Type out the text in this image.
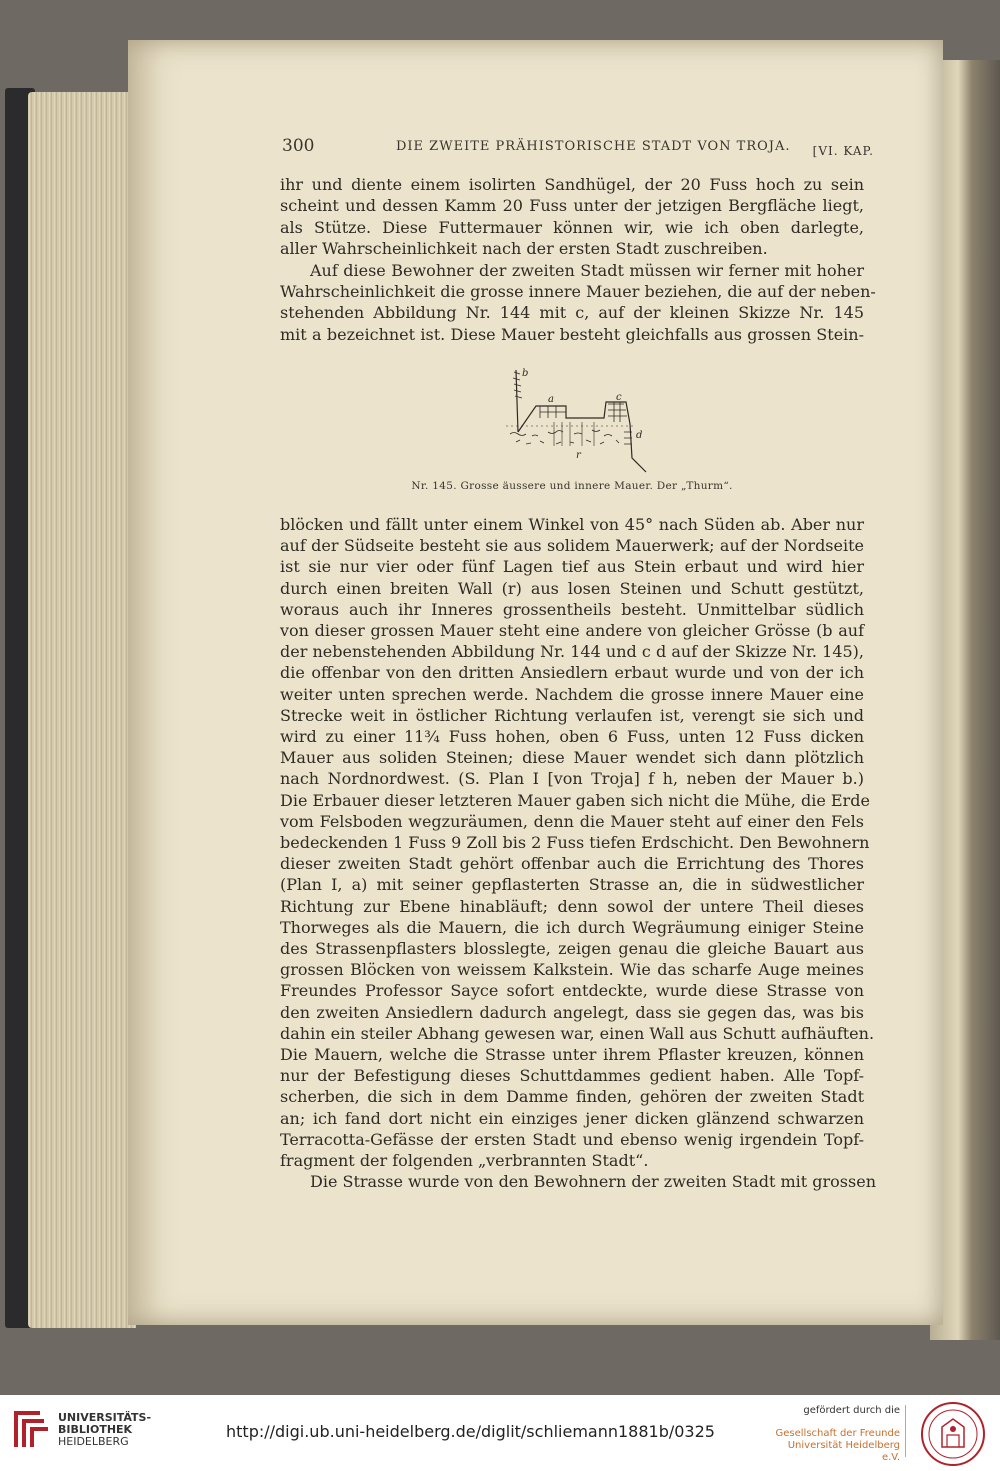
300	DIE ZWEITE PRÄHISTORISCHE STADT VON TROJA. [VI. KAP.
ihr und diente einem isolirten Sandhügel, der 20 Fuss hoch zu sein
scheint und dessen Kamm 20 Fuss unter der jetzigen Bergfläche liegt,
als Stütze. Diese Futtermauer können wir, wie ich oben darlegte,
aller Wahrscheinlichkeit nach der ersten Stadt zuschreiben.
Auf diese Bewohner der zweiten Stadt müssen wir ferner mit hoher
Wahrscheinlichkeit die grosse innere Mauer beziehen, die auf der neben-
stehenden Abbildung Nr. 144 mit c, auf der kleinen Skizze Nr. 145
mit a bezeichnet ist. Diese Mauer besteht gleichfalls aus grossen Stein-
b
a	c
d
r
Nr. 145. Grosse äussere und innere Mauer. Der „Thurm“.
blöcken und fällt unter einem Winkel von 45° nach Süden ab. Aber nur
auf der Südseite besteht sie aus solidem Mauerwerk; auf der Nordseite
ist sie nur vier oder fünf Lagen tief aus Stein erbaut und wird hier
durch einen breiten Wall (r) aus losen Steinen und Schutt gestützt,
woraus auch ihr Inneres grossentheils besteht. Unmittelbar südlich
von dieser grossen Mauer steht eine andere von gleicher Grösse (b auf
der nebenstehenden Abbildung Nr. 144 und c d auf der Skizze Nr. 145),
die offenbar von den dritten Ansiedlern erbaut wurde und von der ich
weiter unten sprechen werde. Nachdem die grosse innere Mauer eine
Strecke weit in östlicher Richtung verlaufen ist, verengt sie sich und
wird zu einer 11¾ Fuss hohen, oben 6 Fuss, unten 12 Fuss dicken
Mauer aus soliden Steinen; diese Mauer wendet sich dann plötzlich
nach Nordnordwest. (S. Plan I [von Troja] f h, neben der Mauer b.)
Die Erbauer dieser letzteren Mauer gaben sich nicht die Mühe, die Erde
vom Felsboden wegzuräumen, denn die Mauer steht auf einer den Fels
bedeckenden 1 Fuss 9 Zoll bis 2 Fuss tiefen Erdschicht. Den Bewohnern
dieser zweiten Stadt gehört offenbar auch die Errichtung des Thores
(Plan I, a) mit seiner gepflasterten Strasse an, die in südwestlicher
Richtung zur Ebene hinabläuft; denn sowol der untere Theil dieses
Thorweges als die Mauern, die ich durch Wegräumung einiger Steine
des Strassenpflasters blosslegte, zeigen genau die gleiche Bauart aus
grossen Blöcken von weissem Kalkstein. Wie das scharfe Auge meines
Freundes Professor Sayce sofort entdeckte, wurde diese Strasse von
den zweiten Ansiedlern dadurch angelegt, dass sie gegen das, was bis
dahin ein steiler Abhang gewesen war, einen Wall aus Schutt aufhäuften.
Die Mauern, welche die Strasse unter ihrem Pflaster kreuzen, können
nur der Befestigung dieses Schuttdammes gedient haben. Alle Topf-
scherben, die sich in dem Damme finden, gehören der zweiten Stadt
an; ich fand dort nicht ein einziges jener dicken glänzend schwarzen
Terracotta-Gefässe der ersten Stadt und ebenso wenig irgendein Topf-
fragment der folgenden „verbrannten Stadt“.
Die Strasse wurde von den Bewohnern der zweiten Stadt mit grossen
UNIVERSITÄTS-
BIBLIOTHEK
HEIDELBERG
http://digi.ub.uni-heidelberg.de/diglit/schliemann1881b/0325
gefördert durch die
Gesellschaft der Freunde
Universität Heidelberg e.V.
